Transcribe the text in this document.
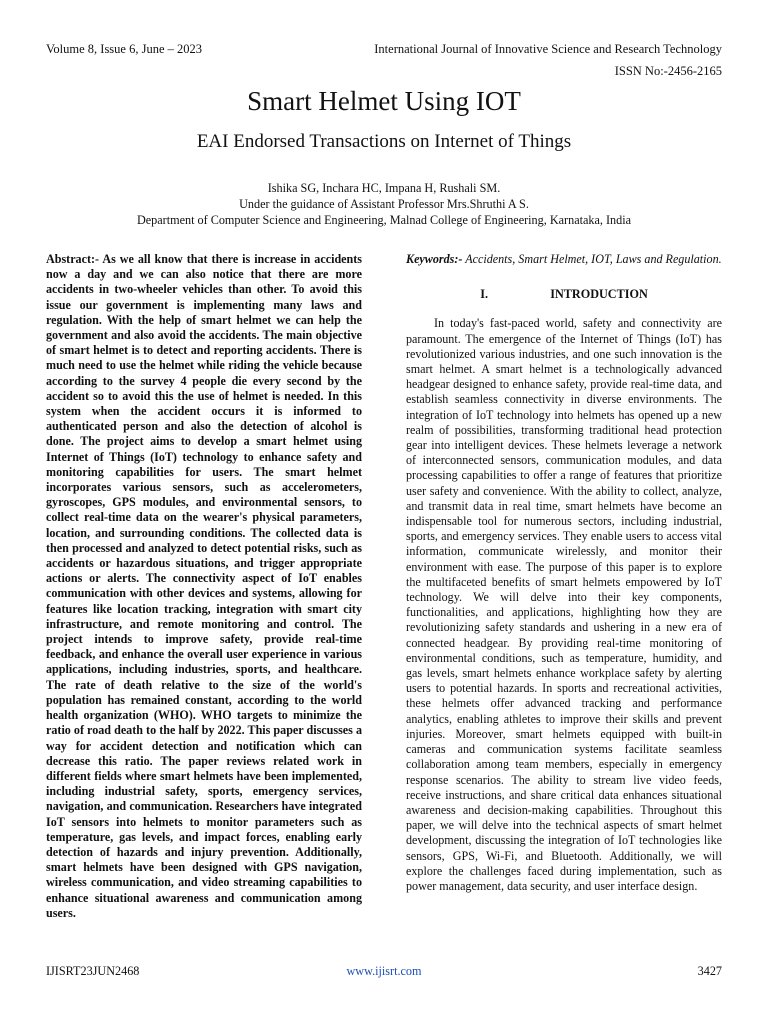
Volume 8, Issue 6, June – 2023	International Journal of Innovative Science and Research Technology
ISSN No:-2456-2165
Smart Helmet Using IOT
EAI Endorsed Transactions on Internet of Things
Ishika SG, Inchara HC, Impana H, Rushali SM.
Under the guidance of Assistant Professor Mrs.Shruthi A S.
Department of Computer Science and Engineering, Malnad College of Engineering, Karnataka, India
Abstract:- As we all know that there is increase in accidents now a day and we can also notice that there are more accidents in two-wheeler vehicles than other. To avoid this issue our government is implementing many laws and regulation. With the help of smart helmet we can help the government and also avoid the accidents. The main objective of smart helmet is to detect and reporting accidents. There is much need to use the helmet while riding the vehicle because according to the survey 4 people die every second by the accident so to avoid this the use of helmet is needed. In this system when the accident occurs it is informed to authenticated person and also the detection of alcohol is done. The project aims to develop a smart helmet using Internet of Things (IoT) technology to enhance safety and monitoring capabilities for users. The smart helmet incorporates various sensors, such as accelerometers, gyroscopes, GPS modules, and environmental sensors, to collect real-time data on the wearer's physical parameters, location, and surrounding conditions. The collected data is then processed and analyzed to detect potential risks, such as accidents or hazardous situations, and trigger appropriate actions or alerts. The connectivity aspect of IoT enables communication with other devices and systems, allowing for features like location tracking, integration with smart city infrastructure, and remote monitoring and control. The project intends to improve safety, provide real-time feedback, and enhance the overall user experience in various applications, including industries, sports, and healthcare. The rate of death relative to the size of the world's population has remained constant, according to the world health organization (WHO). WHO targets to minimize the ratio of road death to the half by 2022. This paper discusses a way for accident detection and notification which can decrease this ratio. The paper reviews related work in different fields where smart helmets have been implemented, including industrial safety, sports, emergency services, navigation, and communication. Researchers have integrated IoT sensors into helmets to monitor parameters such as temperature, gas levels, and impact forces, enabling early detection of hazards and injury prevention. Additionally, smart helmets have been designed with GPS navigation, wireless communication, and video streaming capabilities to enhance situational awareness and communication among users.
Keywords:- Accidents, Smart Helmet, IOT, Laws and Regulation.
I.	INTRODUCTION
In today's fast-paced world, safety and connectivity are paramount. The emergence of the Internet of Things (IoT) has revolutionized various industries, and one such innovation is the smart helmet. A smart helmet is a technologically advanced headgear designed to enhance safety, provide real-time data, and establish seamless connectivity in diverse environments. The integration of IoT technology into helmets has opened up a new realm of possibilities, transforming traditional head protection gear into intelligent devices. These helmets leverage a network of interconnected sensors, communication modules, and data processing capabilities to offer a range of features that prioritize user safety and convenience. With the ability to collect, analyze, and transmit data in real time, smart helmets have become an indispensable tool for numerous sectors, including industrial, sports, and emergency services. They enable users to access vital information, communicate wirelessly, and monitor their environment with ease. The purpose of this paper is to explore the multifaceted benefits of smart helmets empowered by IoT technology. We will delve into their key components, functionalities, and applications, highlighting how they are revolutionizing safety standards and ushering in a new era of connected headgear. By providing real-time monitoring of environmental conditions, such as temperature, humidity, and gas levels, smart helmets enhance workplace safety by alerting users to potential hazards. In sports and recreational activities, these helmets offer advanced tracking and performance analytics, enabling athletes to improve their skills and prevent injuries. Moreover, smart helmets equipped with built-in cameras and communication systems facilitate seamless collaboration among team members, especially in emergency response scenarios. The ability to stream live video feeds, receive instructions, and share critical data enhances situational awareness and decision-making capabilities. Throughout this paper, we will delve into the technical aspects of smart helmet development, discussing the integration of IoT technologies like sensors, GPS, Wi-Fi, and Bluetooth. Additionally, we will explore the challenges faced during implementation, such as power management, data security, and user interface design.
IJISRT23JUN2468	www.ijisrt.com	3427
